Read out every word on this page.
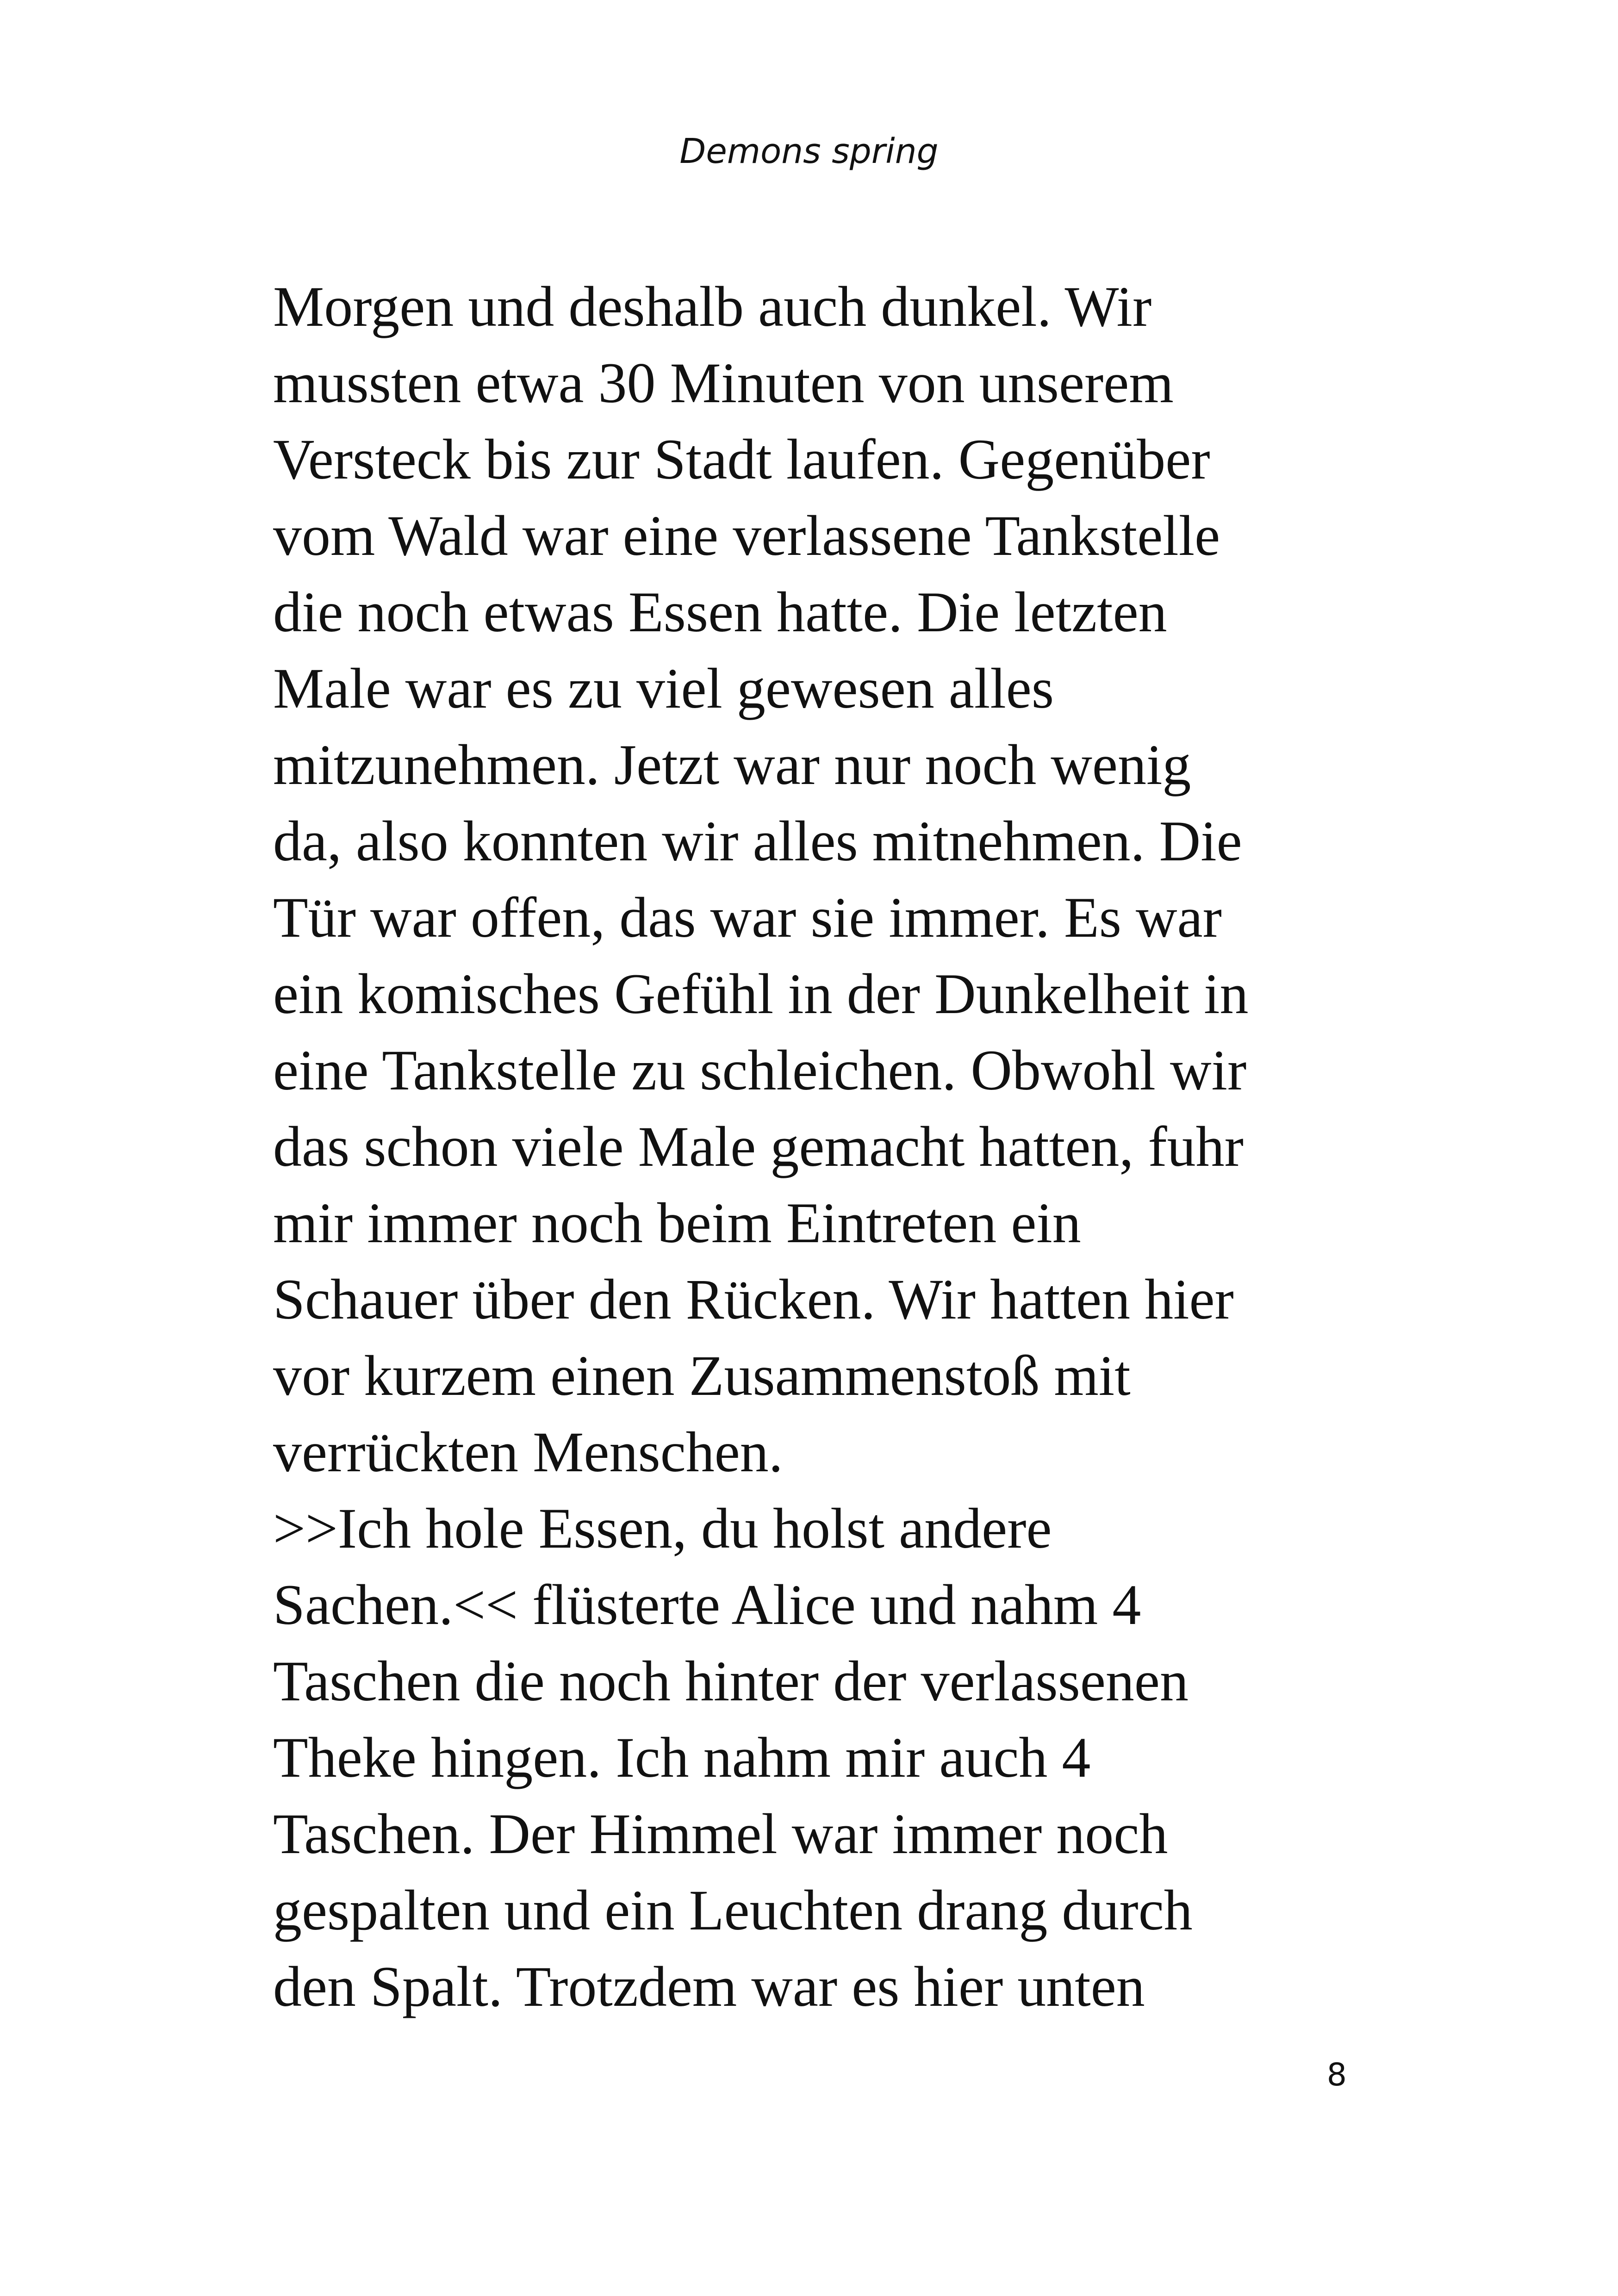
Demons spring
Morgen und deshalb auch dunkel. Wir
mussten etwa 30 Minuten von unserem
Versteck bis zur Stadt laufen. Gegenüber
vom Wald war eine verlassene Tankstelle
die noch etwas Essen hatte. Die letzten
Male war es zu viel gewesen alles
mitzunehmen. Jetzt war nur noch wenig
da, also konnten wir alles mitnehmen. Die
Tür war offen, das war sie immer. Es war
ein komisches Gefühl in der Dunkelheit in
eine Tankstelle zu schleichen. Obwohl wir
das schon viele Male gemacht hatten, fuhr
mir immer noch beim Eintreten ein
Schauer über den Rücken. Wir hatten hier
vor kurzem einen Zusammenstoß mit
verrückten Menschen.
>>Ich hole Essen, du holst andere
Sachen.<< flüsterte Alice und nahm 4
Taschen die noch hinter der verlassenen
Theke hingen. Ich nahm mir auch 4
Taschen. Der Himmel war immer noch
gespalten und ein Leuchten drang durch
den Spalt. Trotzdem war es hier unten
8
